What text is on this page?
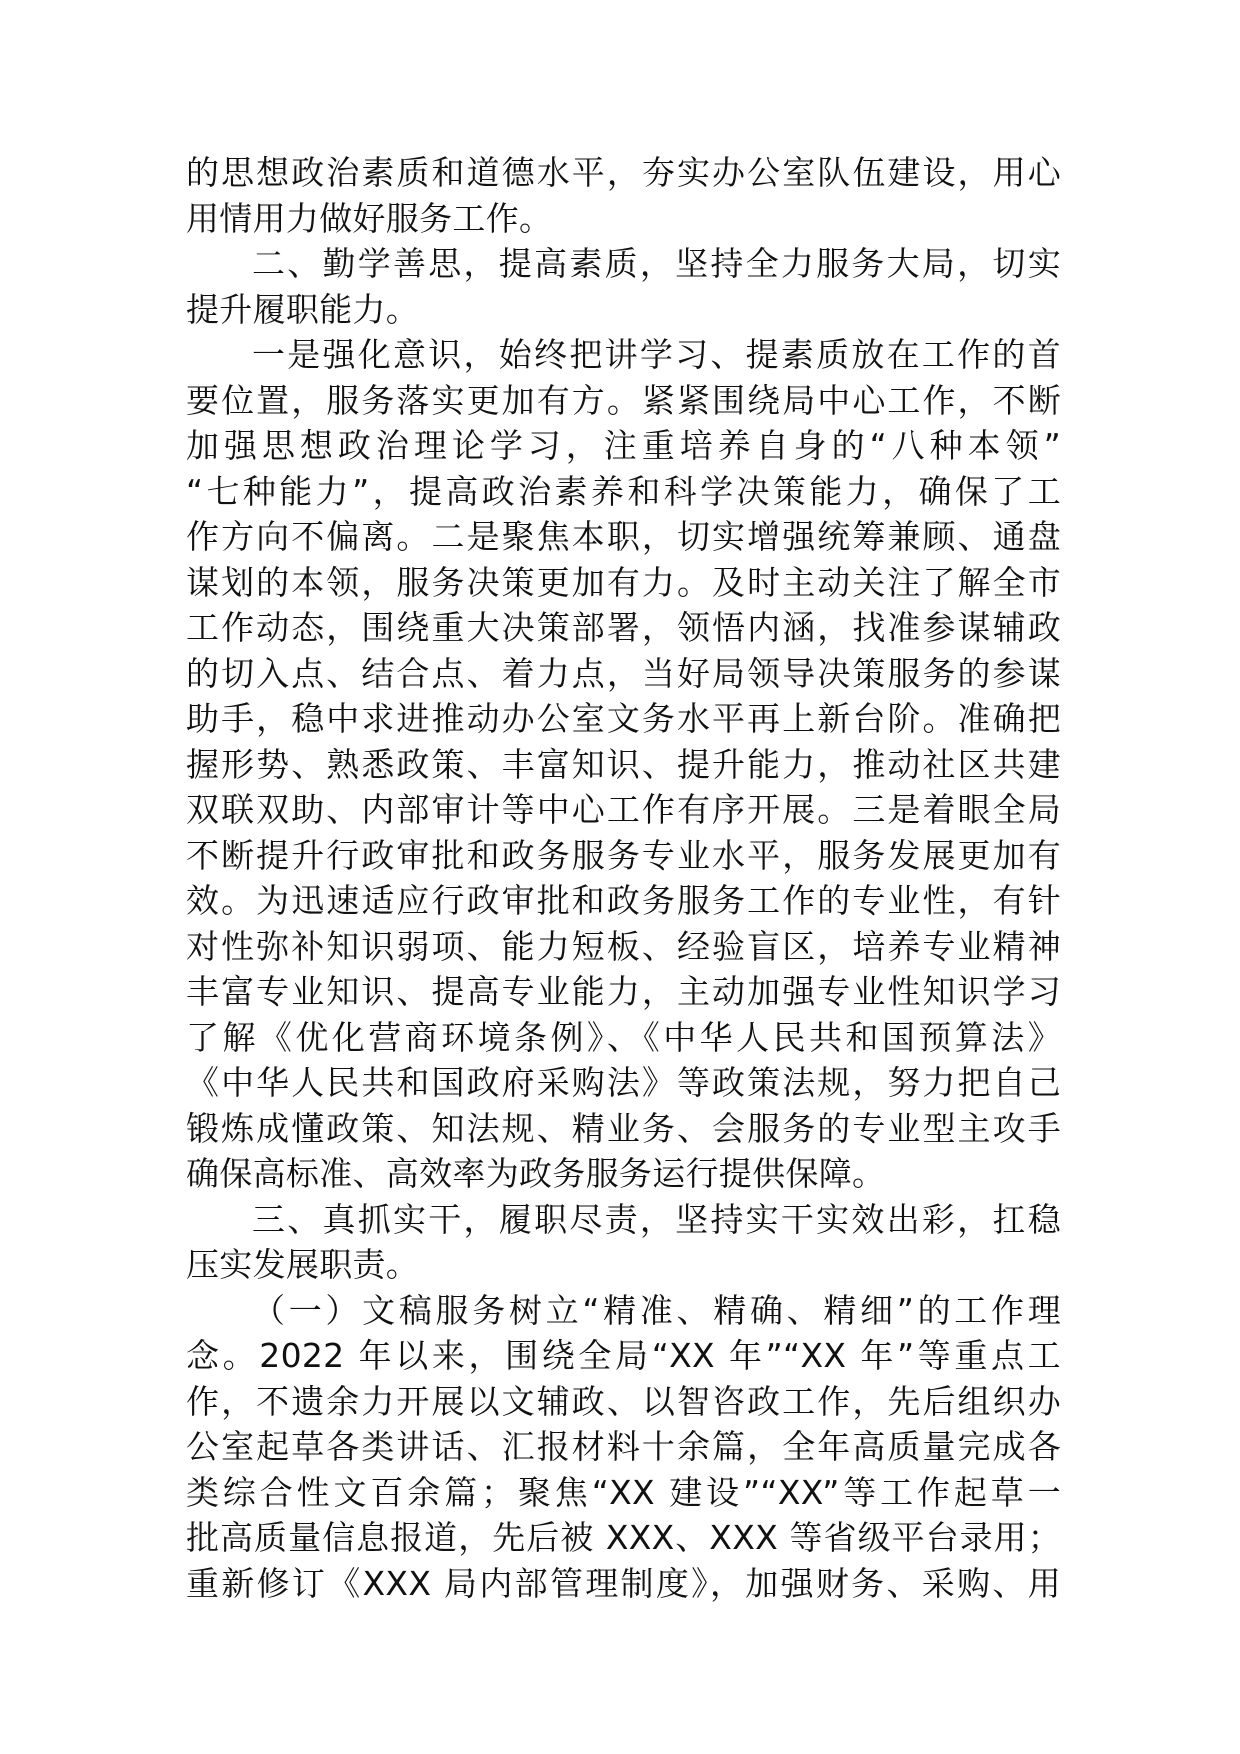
的思想政治素质和道德水平，夯实办公室队伍建设，用心
用情用力做好服务工作。
二、勤学善思，提高素质，坚持全力服务大局，切实
提升履职能力。
一是强化意识，始终把讲学习、提素质放在工作的首
要位置，服务落实更加有方。紧紧围绕局中心工作，不断
加强思想政治理论学习，注重培养自身的“八种本领”
“七种能力”，提高政治素养和科学决策能力，确保了工
作方向不偏离。二是聚焦本职，切实增强统筹兼顾、通盘
谋划的本领，服务决策更加有力。及时主动关注了解全市
工作动态，围绕重大决策部署，领悟内涵，找准参谋辅政
的切入点、结合点、着力点，当好局领导决策服务的参谋
助手，稳中求进推动办公室文务水平再上新台阶。准确把
握形势、熟悉政策、丰富知识、提升能力，推动社区共建
双联双助、内部审计等中心工作有序开展。三是着眼全局
不断提升行政审批和政务服务专业水平，服务发展更加有
效。为迅速适应行政审批和政务服务工作的专业性，有针
对性弥补知识弱项、能力短板、经验盲区，培养专业精神
丰富专业知识、提高专业能力，主动加强专业性知识学习
了解《优化营商环境条例》、《中华人民共和国预算法》
《中华人民共和国政府采购法》等政策法规，努力把自己
锻炼成懂政策、知法规、精业务、会服务的专业型主攻手
确保高标准、高效率为政务服务运行提供保障。
三、真抓实干，履职尽责，坚持实干实效出彩，扛稳
压实发展职责。
（一）文稿服务树立“精准、精确、精细”的工作理
念。2022 年以来，围绕全局“XX 年”“XX 年”等重点工
作，不遗余力开展以文辅政、以智咨政工作，先后组织办
公室起草各类讲话、汇报材料十余篇，全年高质量完成各
类综合性文百余篇；聚焦“XX 建设”“XX”等工作起草一
批高质量信息报道，先后被 XXX、XXX 等省级平台录用；
重新修订《XXX 局内部管理制度》，加强财务、采购、用
